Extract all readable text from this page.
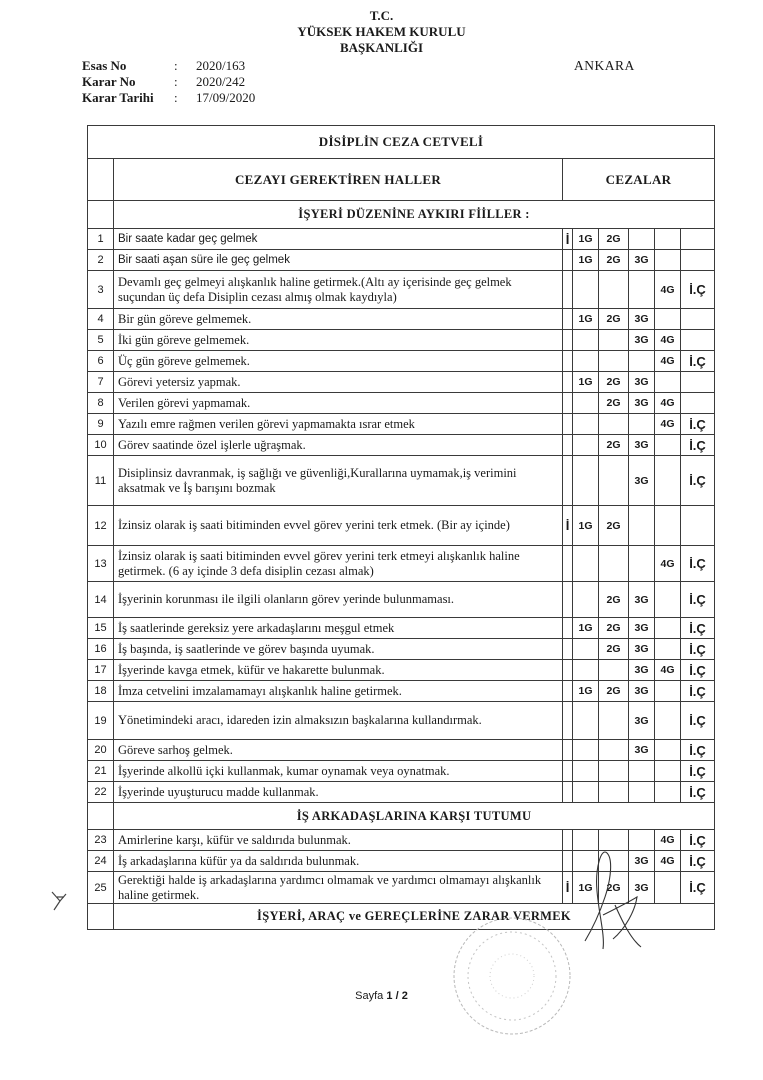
T.C.
YÜKSEK HAKEM KURULU
BAŞKANLIĞI
Esas No	:	2020/163
Karar No	:	2020/242
Karar Tarihi	:	17/09/2020
ANKARA
DİSİPLİN CEZA CETVELİ							
	CEZAYI GEREKTİREN HALLER	CEZALAR					
	İŞYERİ DÜZENİNE AYKIRI FİİLLER :						
1	Bir saate kadar geç gelmek	İ	1G	2G			
2	Bir saati aşan süre ile geç gelmek		1G	2G	3G		
3	Devamlı geç gelmeyi alışkanlık haline getirmek.(Altı ay içerisinde geç gelmek suçundan üç defa Disiplin cezası almış olmak kaydıyla)					4G	İ.Ç
4	Bir gün göreve gelmemek.		1G	2G	3G		
5	İki gün göreve gelmemek.				3G	4G	
6	Üç gün göreve gelmemek.					4G	İ.Ç
7	Görevi yetersiz yapmak.		1G	2G	3G		
8	Verilen görevi yapmamak.			2G	3G	4G	
9	Yazılı emre rağmen verilen görevi yapmamakta ısrar etmek					4G	İ.Ç
10	Görev saatinde özel işlerle uğraşmak.			2G	3G		İ.Ç
11	Disiplinsiz davranmak, iş sağlığı ve güvenliği,Kurallarına uymamak,iş verimini aksatmak ve İş barışını bozmak				3G		İ.Ç
12	İzinsiz olarak iş saati bitiminden evvel görev yerini terk etmek. (Bir ay içinde)	İ	1G	2G			
13	İzinsiz olarak iş saati bitiminden evvel görev yerini terk etmeyi alışkanlık haline getirmek. (6 ay içinde 3 defa disiplin cezası almak)					4G	İ.Ç
14	İşyerinin korunması ile ilgili olanların görev yerinde bulunmaması.			2G	3G		İ.Ç
15	İş saatlerinde gereksiz yere arkadaşlarını meşgul etmek		1G	2G	3G		İ.Ç
16	İş başında, iş saatlerinde ve görev başında uyumak.			2G	3G		İ.Ç
17	İşyerinde kavga etmek, küfür ve hakarette bulunmak.				3G	4G	İ.Ç
18	İmza cetvelini imzalamamayı alışkanlık haline getirmek.		1G	2G	3G		İ.Ç
19	Yönetimindeki aracı, idareden izin almaksızın başkalarına kullandırmak.				3G		İ.Ç
20	Göreve sarhoş gelmek.				3G		İ.Ç
21	İşyerinde alkollü içki kullanmak, kumar oynamak veya oynatmak.						İ.Ç
22	İşyerinde uyuşturucu madde kullanmak.						İ.Ç
	İŞ ARKADAŞLARINA KARŞI TUTUMU						
23	Amirlerine karşı, küfür ve saldırıda bulunmak.					4G	İ.Ç
24	İş arkadaşlarına küfür ya da saldırıda bulunmak.				3G	4G	İ.Ç
25	Gerektiği halde iş arkadaşlarına yardımcı olmamak ve yardımcı olmamayı alışkanlık haline getirmek.	İ	1G	2G	3G		İ.Ç
	İŞYERİ, ARAÇ ve GEREÇLERİNE ZARAR VERMEK						
Sayfa 1 / 2
